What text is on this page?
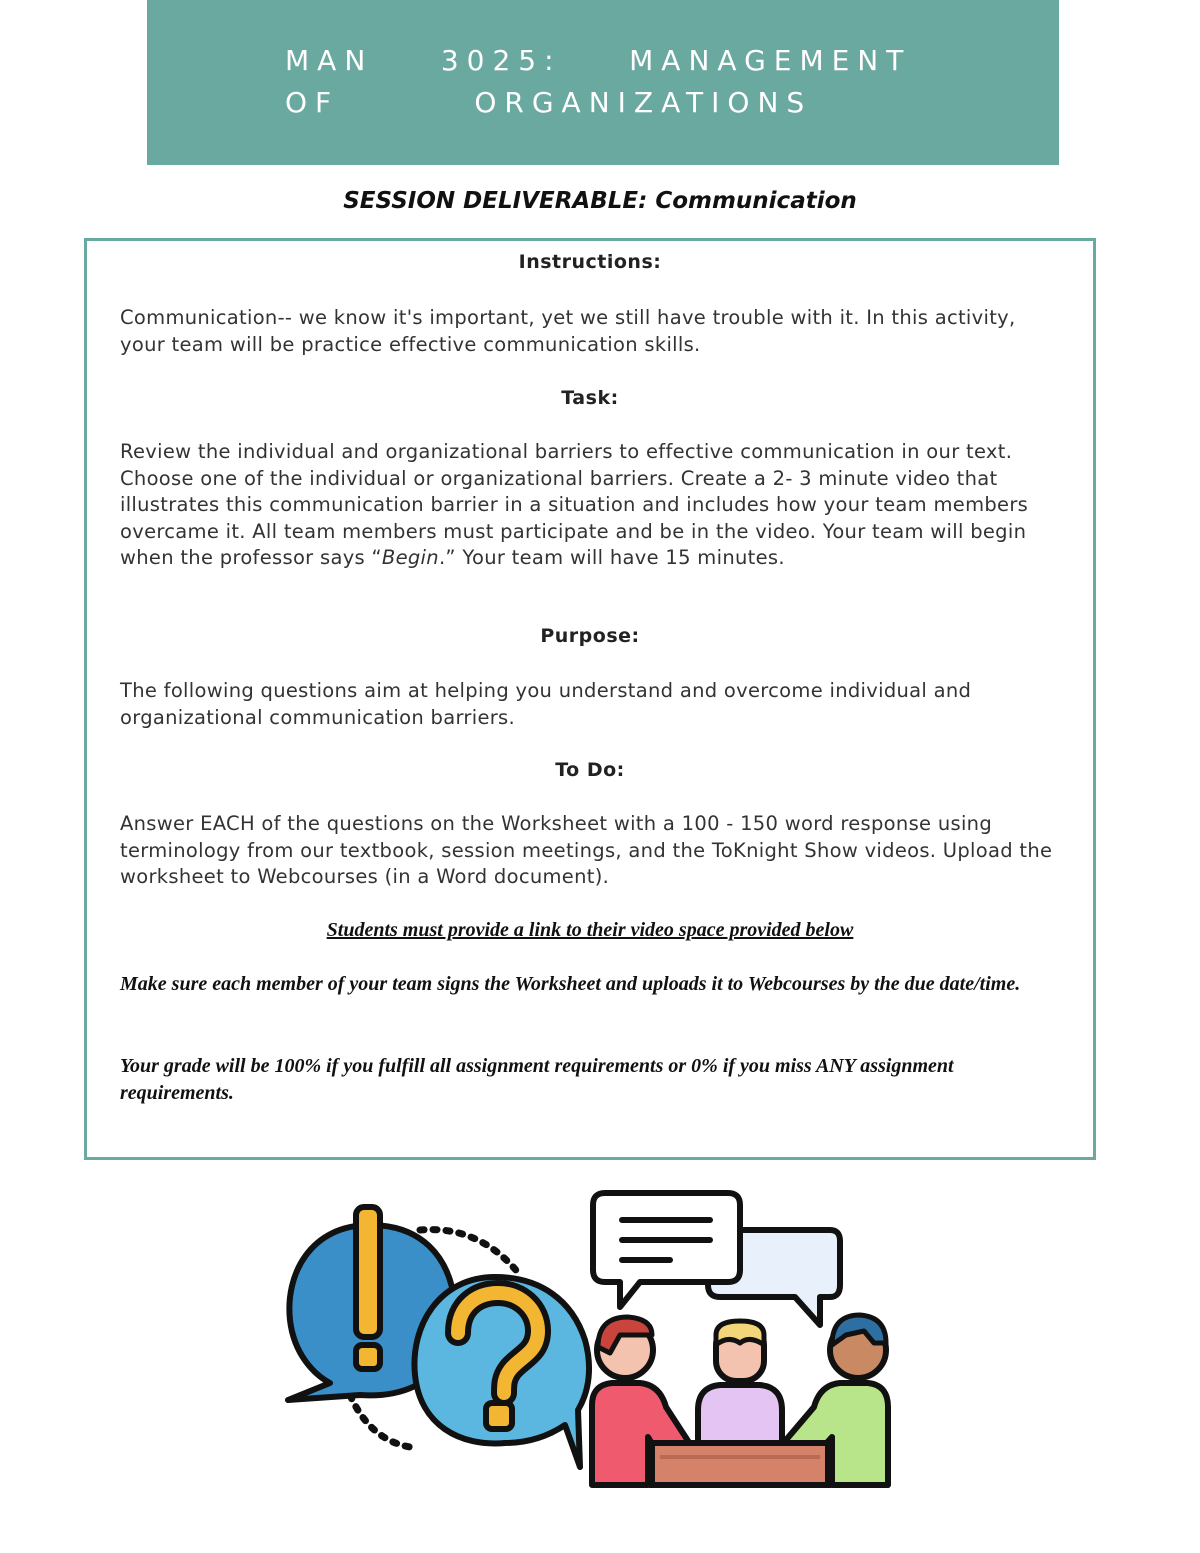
MAN    3025:    MANAGEMENT
OF        ORGANIZATIONS
SESSION DELIVERABLE: Communication
Instructions:
Communication-- we know it's important, yet we still have trouble with it. In this activity, your team will be practice effective communication skills.
Task:
Review the individual and organizational barriers to effective communication in our text. Choose one of the individual or organizational barriers. Create a 2- 3 minute video that illustrates this communication barrier in a situation and includes how your team members overcame it. All team members must participate and be in the video. Your team will begin when the professor says “Begin.” Your team will have 15 minutes.
Purpose:
The following questions aim at helping you understand and overcome individual and organizational communication barriers.
To Do:
Answer EACH of the questions on the Worksheet with a 100 - 150 word response using terminology from our textbook, session meetings, and the ToKnight Show videos. Upload the worksheet to Webcourses (in a Word document).
Students must provide a link to their video space provided below
Make sure each member of your team signs the Worksheet and uploads it to Webcourses by the due date/time.
Your grade will be 100% if you fulfill all assignment requirements or 0% if you miss ANY assignment requirements.
